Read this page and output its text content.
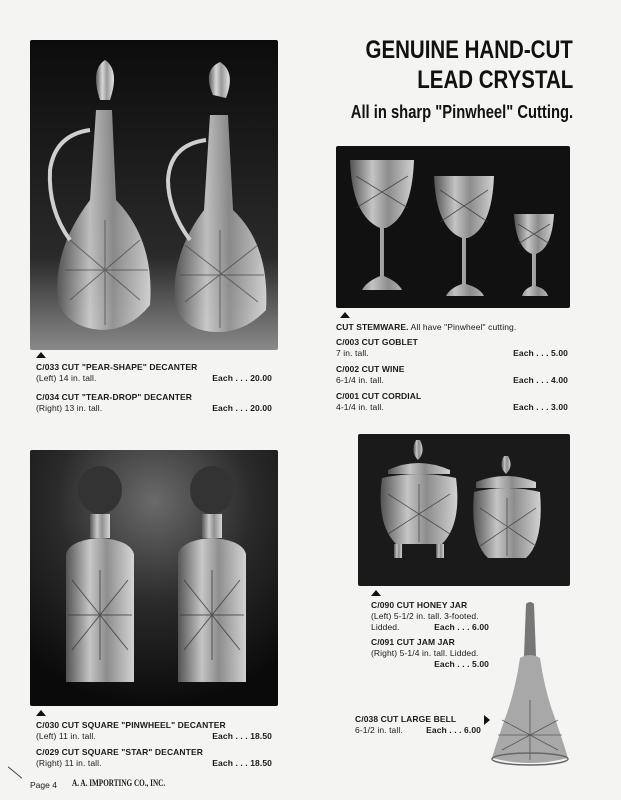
GENUINE HAND-CUT
LEAD CRYSTAL
All in sharp "Pinwheel" Cutting.
C/033 CUT "PEAR-SHAPE" DECANTER
(Left) 14 in. tall.	Each . . . 20.00
C/034 CUT "TEAR-DROP" DECANTER
(Right) 13 in. tall.	Each . . . 20.00
CUT STEMWARE. All have "Pinwheel" cutting.
C/003 CUT GOBLET
7 in. tall.	Each . . . 5.00
C/002 CUT WINE
6-1/4 in. tall.	Each . . . 4.00
C/001 CUT CORDIAL
4-1/4 in. tall.	Each . . . 3.00
C/030 CUT SQUARE "PINWHEEL" DECANTER
(Left) 11 in. tall.	Each . . . 18.50
C/029 CUT SQUARE "STAR" DECANTER
(Right) 11 in. tall.	Each . . . 18.50
C/090 CUT HONEY JAR
(Left) 5-1/2 in. tall. 3-footed.
Lidded.	Each . . . 6.00
C/091 CUT JAM JAR
(Right) 5-1/4 in. tall. Lidded.
Each . . . 5.00
C/038 CUT LARGE BELL
6-1/2 in. tall.	Each . . . 6.00
Page 4 A. A. IMPORTING CO., INC.
